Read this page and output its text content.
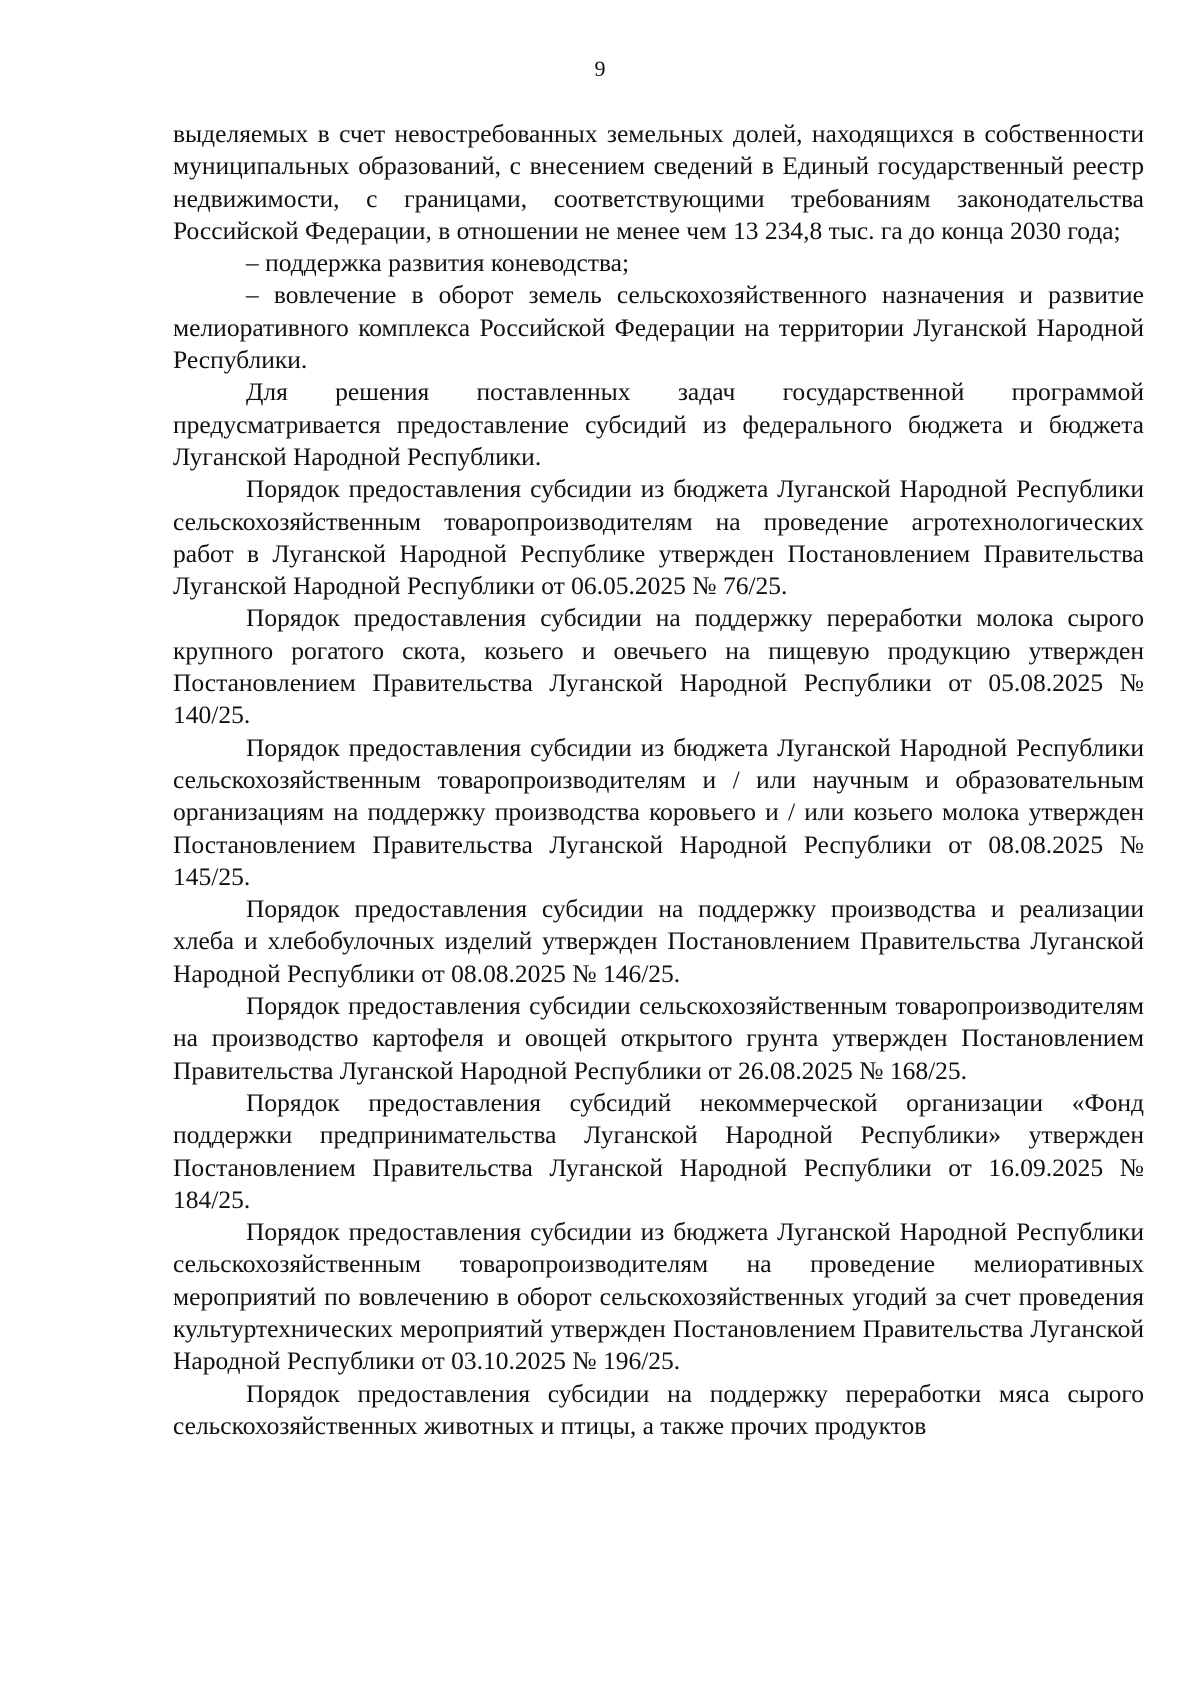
9

выделяемых в счет невостребованных земельных долей, находящихся в собственности муниципальных образований, с внесением сведений в Единый государственный реестр недвижимости, с границами, соответствующими требованиям законодательства Российской Федерации, в отношении не менее чем 13 234,8 тыс. га до конца 2030 года;

– поддержка развития коневодства;

– вовлечение в оборот земель сельскохозяйственного назначения и развитие мелиоративного комплекса Российской Федерации на территории Луганской Народной Республики.

Для решения поставленных задач государственной программой предусматривается предоставление субсидий из федерального бюджета и бюджета Луганской Народной Республики.

Порядок предоставления субсидии из бюджета Луганской Народной Республики сельскохозяйственным товаропроизводителям на проведение агротехнологических работ в Луганской Народной Республике утвержден Постановлением Правительства Луганской Народной Республики от 06.05.2025 № 76/25.

Порядок предоставления субсидии на поддержку переработки молока сырого крупного рогатого скота, козьего и овечьего на пищевую продукцию утвержден Постановлением Правительства Луганской Народной Республики от 05.08.2025 № 140/25.

Порядок предоставления субсидии из бюджета Луганской Народной Республики сельскохозяйственным товаропроизводителям и / или научным и образовательным организациям на поддержку производства коровьего и / или козьего молока утвержден Постановлением Правительства Луганской Народной Республики от 08.08.2025 № 145/25.

Порядок предоставления субсидии на поддержку производства и реализации хлеба и хлебобулочных изделий утвержден Постановлением Правительства Луганской Народной Республики от 08.08.2025 № 146/25.

Порядок предоставления субсидии сельскохозяйственным товаропроизводителям на производство картофеля и овощей открытого грунта утвержден Постановлением Правительства Луганской Народной Республики от 26.08.2025 № 168/25.

Порядок предоставления субсидий некоммерческой организации «Фонд поддержки предпринимательства Луганской Народной Республики» утвержден Постановлением Правительства Луганской Народной Республики от 16.09.2025 № 184/25.

Порядок предоставления субсидии из бюджета Луганской Народной Республики сельскохозяйственным товаропроизводителям на проведение мелиоративных мероприятий по вовлечению в оборот сельскохозяйственных угодий за счет проведения культуртехнических мероприятий утвержден Постановлением Правительства Луганской Народной Республики от 03.10.2025 № 196/25.

Порядок предоставления субсидии на поддержку переработки мяса сырого сельскохозяйственных животных и птицы, а также прочих продуктов
